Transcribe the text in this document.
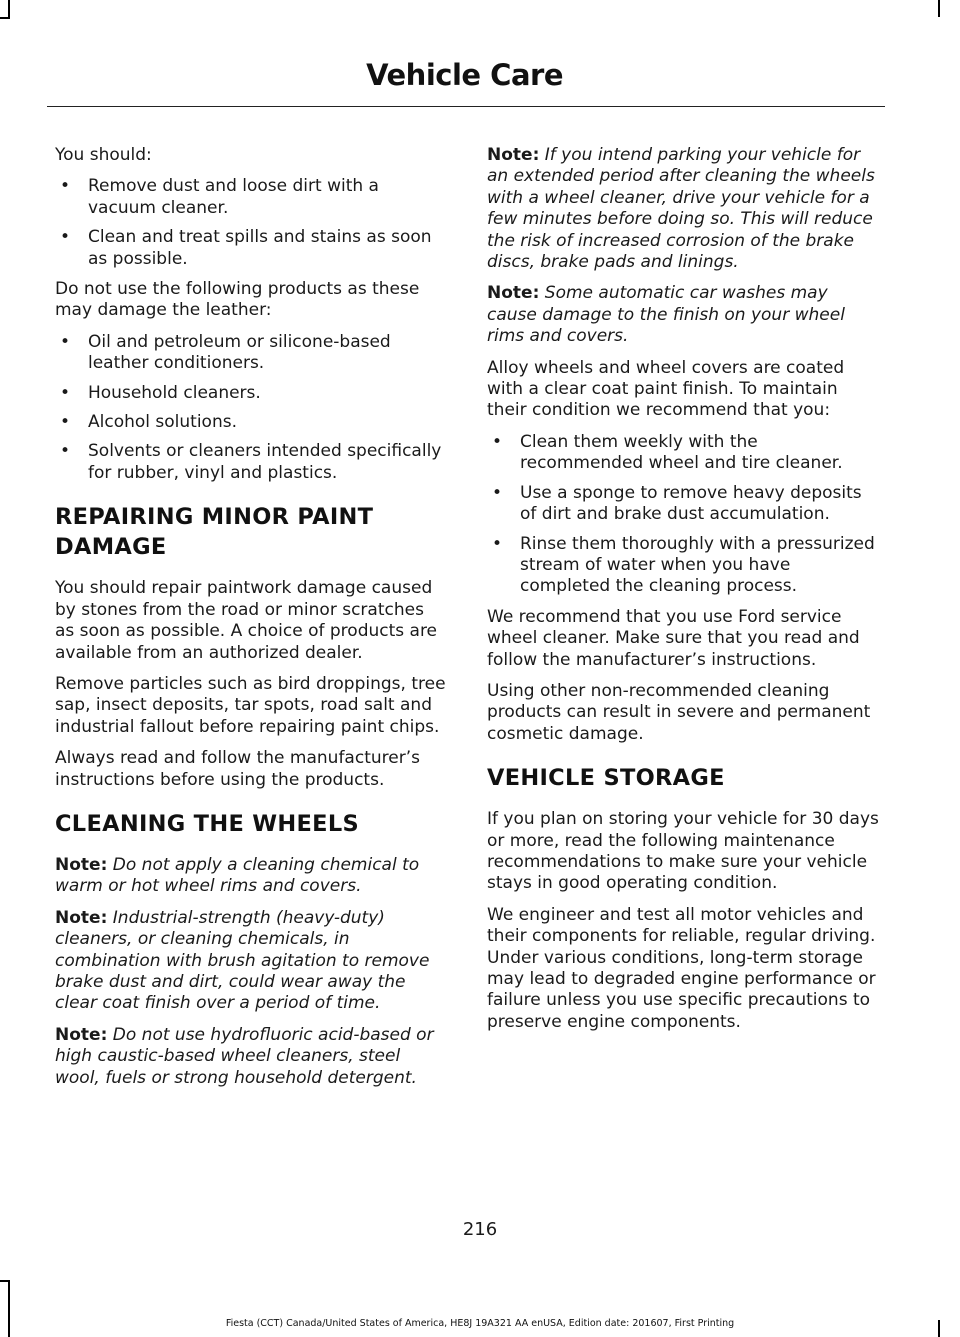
Vehicle Care

You should:

• Remove dust and loose dirt with a vacuum cleaner.
• Clean and treat spills and stains as soon as possible.

Do not use the following products as these may damage the leather:

• Oil and petroleum or silicone-based leather conditioners.
• Household cleaners.
• Alcohol solutions.
• Solvents or cleaners intended specifically for rubber, vinyl and plastics.
REPAIRING MINOR PAINT
DAMAGE

You should repair paintwork damage caused by stones from the road or minor scratches as soon as possible. A choice of products are available from an authorized dealer.

Remove particles such as bird droppings, tree sap, insect deposits, tar spots, road salt and industrial fallout before repairing paint chips.

Always read and follow the manufacturer’s instructions before using the products.

CLEANING THE WHEELS

Note: Do not apply a cleaning chemical to warm or hot wheel rims and covers.

Note: Industrial-strength (heavy-duty) cleaners, or cleaning chemicals, in combination with brush agitation to remove brake dust and dirt, could wear away the clear coat finish over a period of time.

Note: Do not use hydrofluoric acid-based or high caustic-based wheel cleaners, steel wool, fuels or strong household detergent.

Note: If you intend parking your vehicle for an extended period after cleaning the wheels with a wheel cleaner, drive your vehicle for a few minutes before doing so. This will reduce the risk of increased corrosion of the brake discs, brake pads and linings.

Note: Some automatic car washes may cause damage to the finish on your wheel rims and covers.

Alloy wheels and wheel covers are coated with a clear coat paint finish. To maintain their condition we recommend that you:

• Clean them weekly with the recommended wheel and tire cleaner.
• Use a sponge to remove heavy deposits of dirt and brake dust accumulation.
• Rinse them thoroughly with a pressurized stream of water when you have completed the cleaning process.

We recommend that you use Ford service wheel cleaner. Make sure that you read and follow the manufacturer’s instructions.

Using other non-recommended cleaning products can result in severe and permanent cosmetic damage.

VEHICLE STORAGE

If you plan on storing your vehicle for 30 days or more, read the following maintenance recommendations to make sure your vehicle stays in good operating condition.

We engineer and test all motor vehicles and their components for reliable, regular driving. Under various conditions, long-term storage may lead to degraded engine performance or failure unless you use specific precautions to preserve engine components.

216
Fiesta (CCT) Canada/United States of America, HE8J 19A321 AA enUSA, Edition date: 201607, First Printing
